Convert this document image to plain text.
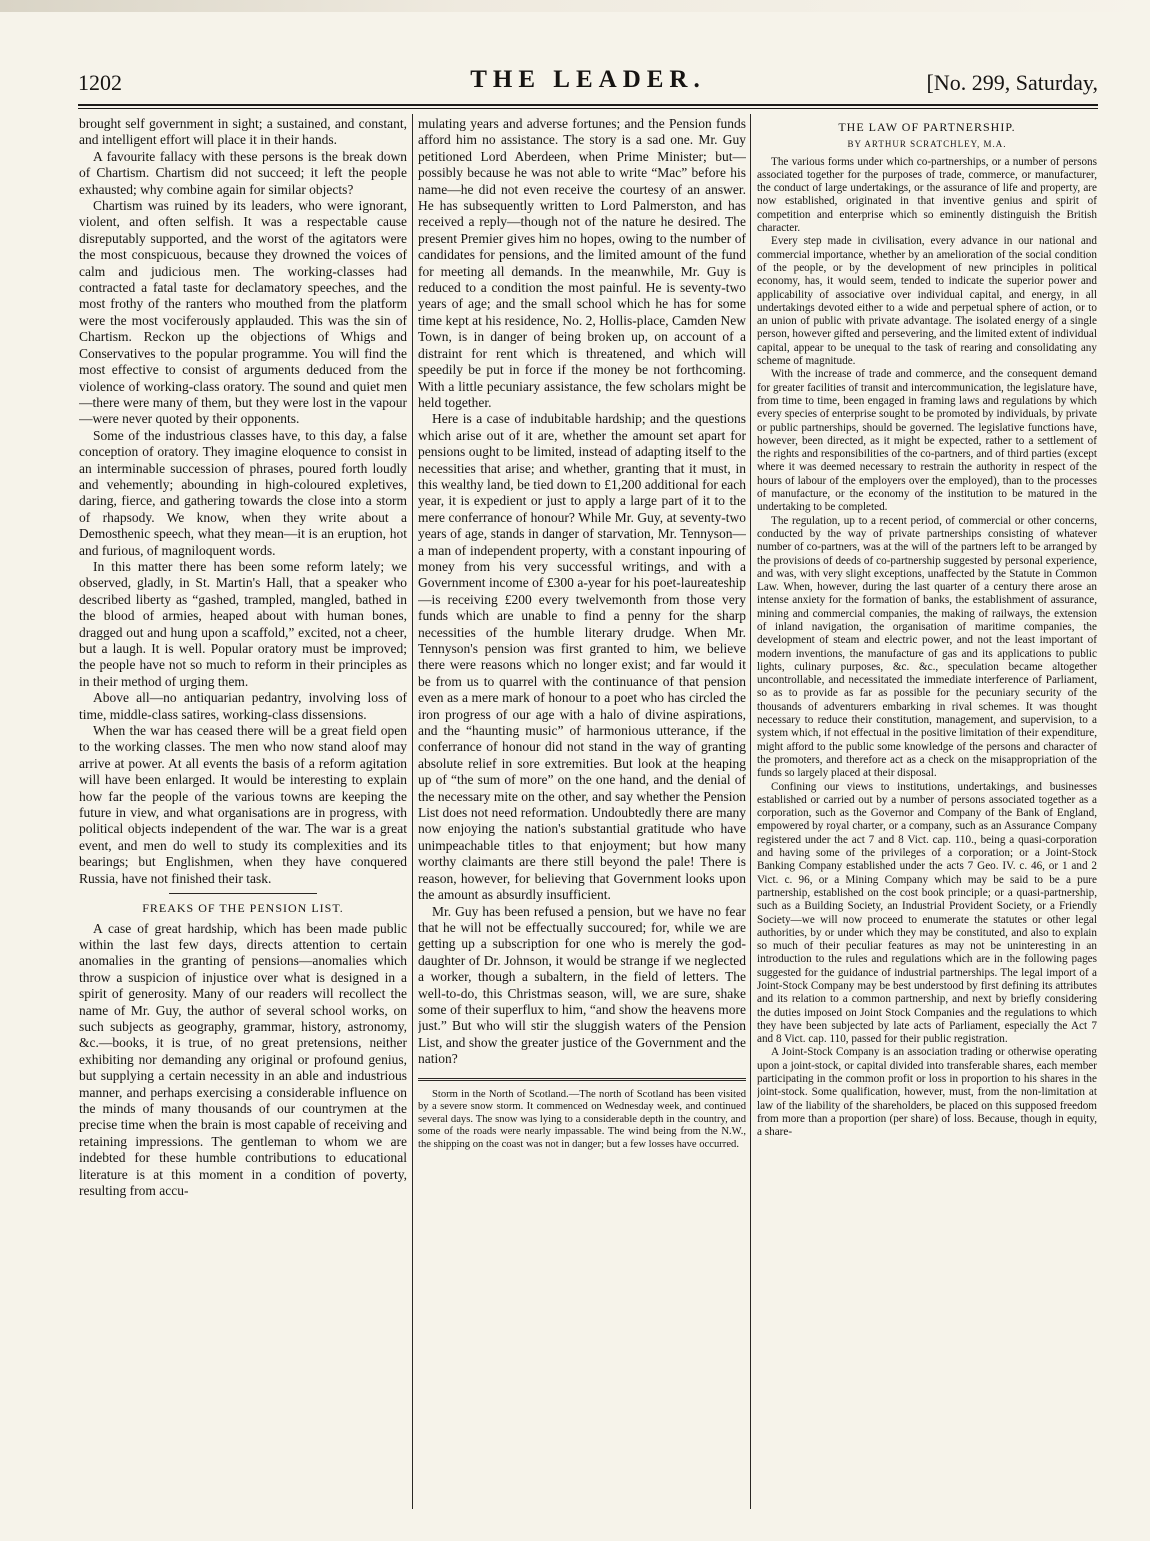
THE LEADER.
1202	[No. 299, Saturday,

brought self government in sight; a sustained, and constant, and intelligent effort will place it in their hands.

A favourite fallacy with these persons is the break down of Chartism. Chartism did not succeed; it left the people exhausted; why combine again for similar objects?

Chartism was ruined by its leaders, who were ignorant, violent, and often selfish. It was a respectable cause disreputably supported, and the worst of the agitators were the most conspicuous, because they drowned the voices of calm and judicious men. The working-classes had contracted a fatal taste for declamatory speeches, and the most frothy of the ranters who mouthed from the platform were the most vociferously applauded. This was the sin of Chartism. Reckon up the objections of Whigs and Conservatives to the popular programme. You will find the most effective to consist of arguments deduced from the violence of working-class oratory. The sound and quiet men—there were many of them, but they were lost in the vapour—were never quoted by their opponents.

Some of the industrious classes have, to this day, a false conception of oratory. They imagine eloquence to consist in an interminable succession of phrases, poured forth loudly and vehemently; abounding in high-coloured expletives, daring, fierce, and gathering towards the close into a storm of rhapsody. We know, when they write about a Demosthenic speech, what they mean—it is an eruption, hot and furious, of magniloquent words.

In this matter there has been some reform lately; we observed, gladly, in St. Martin's Hall, that a speaker who described liberty as “gashed, trampled, mangled, bathed in the blood of armies, heaped about with human bones, dragged out and hung upon a scaffold,” excited, not a cheer, but a laugh. It is well. Popular oratory must be improved; the people have not so much to reform in their principles as in their method of urging them.

Above all—no antiquarian pedantry, involving loss of time, middle-class satires, working-class dissensions.

When the war has ceased there will be a great field open to the working classes. The men who now stand aloof may arrive at power. At all events the basis of a reform agitation will have been enlarged. It would be interesting to explain how far the people of the various towns are keeping the future in view, and what organisations are in progress, with political objects independent of the war. The war is a great event, and men do well to study its complexities and its bearings; but Englishmen, when they have conquered Russia, have not finished their task.

FREAKS OF THE PENSION LIST.

A case of great hardship, which has been made public within the last few days, directs attention to certain anomalies in the granting of pensions—anomalies which throw a suspicion of injustice over what is designed in a spirit of generosity. Many of our readers will recollect the name of Mr. Guy, the author of several school works, on such subjects as geography, grammar, history, astronomy, &c.—books, it is true, of no great pretensions, neither exhibiting nor demanding any original or profound genius, but supplying a certain necessity in an able and industrious manner, and perhaps exercising a considerable influence on the minds of many thousands of our countrymen at the precise time when the brain is most capable of receiving and retaining impressions. The gentleman to whom we are indebted for these humble contributions to educational literature is at this moment in a condition of poverty, resulting from accu-

mulating years and adverse fortunes; and the Pension funds afford him no assistance. The story is a sad one. Mr. Guy petitioned Lord Aberdeen, when Prime Minister; but—possibly because he was not able to write “Mac” before his name—he did not even receive the courtesy of an answer. He has subsequently written to Lord Palmerston, and has received a reply—though not of the nature he desired. The present Premier gives him no hopes, owing to the number of candidates for pensions, and the limited amount of the fund for meeting all demands. In the meanwhile, Mr. Guy is reduced to a condition the most painful. He is seventy-two years of age; and the small school which he has for some time kept at his residence, No. 2, Hollis-place, Camden New Town, is in danger of being broken up, on account of a distraint for rent which is threatened, and which will speedily be put in force if the money be not forthcoming. With a little pecuniary assistance, the few scholars might be held together.

Here is a case of indubitable hardship; and the questions which arise out of it are, whether the amount set apart for pensions ought to be limited, instead of adapting itself to the necessities that arise; and whether, granting that it must, in this wealthy land, be tied down to £1,200 additional for each year, it is expedient or just to apply a large part of it to the mere conferrance of honour? While Mr. Guy, at seventy-two years of age, stands in danger of starvation, Mr. Tennyson—a man of independent property, with a constant inpouring of money from his very successful writings, and with a Government income of £300 a-year for his poet-laureateship—is receiving £200 every twelvemonth from those very funds which are unable to find a penny for the sharp necessities of the humble literary drudge. When Mr. Tennyson's pension was first granted to him, we believe there were reasons which no longer exist; and far would it be from us to quarrel with the continuance of that pension even as a mere mark of honour to a poet who has circled the iron progress of our age with a halo of divine aspirations, and the “haunting music” of harmonious utterance, if the conferrance of honour did not stand in the way of granting absolute relief in sore extremities. But look at the heaping up of “the sum of more” on the one hand, and the denial of the necessary mite on the other, and say whether the Pension List does not need reformation. Undoubtedly there are many now enjoying the nation's substantial gratitude who have unimpeachable titles to that enjoyment; but how many worthy claimants are there still beyond the pale! There is reason, however, for believing that Government looks upon the amount as absurdly insufficient.

Mr. Guy has been refused a pension, but we have no fear that he will not be effectually succoured; for, while we are getting up a subscription for one who is merely the god-daughter of Dr. Johnson, it would be strange if we neglected a worker, though a subaltern, in the field of letters. The well-to-do, this Christmas season, will, we are sure, shake some of their superflux to him, “and show the heavens more just.” But who will stir the sluggish waters of the Pension List, and show the greater justice of the Government and the nation?

Storm in the North of Scotland.—The north of Scotland has been visited by a severe snow storm. It commenced on Wednesday week, and continued several days. The snow was lying to a considerable depth in the country, and some of the roads were nearly impassable. The wind being from the N.W., the shipping on the coast was not in danger; but a few losses have occurred.

THE LAW OF PARTNERSHIP.

BY ARTHUR SCRATCHLEY, M.A.

The various forms under which co-partnerships, or a number of persons associated together for the purposes of trade, commerce, or manufacturer, the conduct of large undertakings, or the assurance of life and property, are now established, originated in that inventive genius and spirit of competition and enterprise which so eminently distinguish the British character.

Every step made in civilisation, every advance in our national and commercial importance, whether by an amelioration of the social condition of the people, or by the development of new principles in political economy, has, it would seem, tended to indicate the superior power and applicability of associative over individual capital, and energy, in all undertakings devoted either to a wide and perpetual sphere of action, or to an union of public with private advantage. The isolated energy of a single person, however gifted and persevering, and the limited extent of individual capital, appear to be unequal to the task of rearing and consolidating any scheme of magnitude.

With the increase of trade and commerce, and the consequent demand for greater facilities of transit and intercommunication, the legislature have, from time to time, been engaged in framing laws and regulations by which every species of enterprise sought to be promoted by individuals, by private or public partnerships, should be governed. The legislative functions have, however, been directed, as it might be expected, rather to a settlement of the rights and responsibilities of the co-partners, and of third parties (except where it was deemed necessary to restrain the authority in respect of the hours of labour of the employers over the employed), than to the processes of manufacture, or the economy of the institution to be matured in the undertaking to be completed.

The regulation, up to a recent period, of commercial or other concerns, conducted by the way of private partnerships consisting of whatever number of co-partners, was at the will of the partners left to be arranged by the provisions of deeds of co-partnership suggested by personal experience, and was, with very slight exceptions, unaffected by the Statute in Common Law. When, however, during the last quarter of a century there arose an intense anxiety for the formation of banks, the establishment of assurance, mining and commercial companies, the making of railways, the extension of inland navigation, the organisation of maritime companies, the development of steam and electric power, and not the least important of modern inventions, the manufacture of gas and its applications to public lights, culinary purposes, &c. &c., speculation became altogether uncontrollable, and necessitated the immediate interference of Parliament, so as to provide as far as possible for the pecuniary security of the thousands of adventurers embarking in rival schemes. It was thought necessary to reduce their constitution, management, and supervision, to a system which, if not effectual in the positive limitation of their expenditure, might afford to the public some knowledge of the persons and character of the promoters, and therefore act as a check on the misappropriation of the funds so largely placed at their disposal.

Confining our views to institutions, undertakings, and businesses established or carried out by a number of persons associated together as a corporation, such as the Governor and Company of the Bank of England, empowered by royal charter, or a company, such as an Assurance Company registered under the act 7 and 8 Vict. cap. 110., being a quasi-corporation and having some of the privileges of a corporation; or a Joint-Stock Banking Company established under the acts 7 Geo. IV. c. 46, or 1 and 2 Vict. c. 96, or a Mining Company which may be said to be a pure partnership, established on the cost book principle; or a quasi-partnership, such as a Building Society, an Industrial Provident Society, or a Friendly Society—we will now proceed to enumerate the statutes or other legal authorities, by or under which they may be constituted, and also to explain so much of their peculiar features as may not be uninteresting in an introduction to the rules and regulations which are in the following pages suggested for the guidance of industrial partnerships. The legal import of a Joint-Stock Company may be best understood by first defining its attributes and its relation to a common partnership, and next by briefly considering the duties imposed on Joint Stock Companies and the regulations to which they have been subjected by late acts of Parliament, especially the Act 7 and 8 Vict. cap. 110, passed for their public registration.

A Joint-Stock Company is an association trading or otherwise operating upon a joint-stock, or capital divided into transferable shares, each member participating in the common profit or loss in proportion to his shares in the joint-stock. Some qualification, however, must, from the non-limitation at law of the liability of the shareholders, be placed on this supposed freedom from more than a proportion (per share) of loss. Because, though in equity, a share-
